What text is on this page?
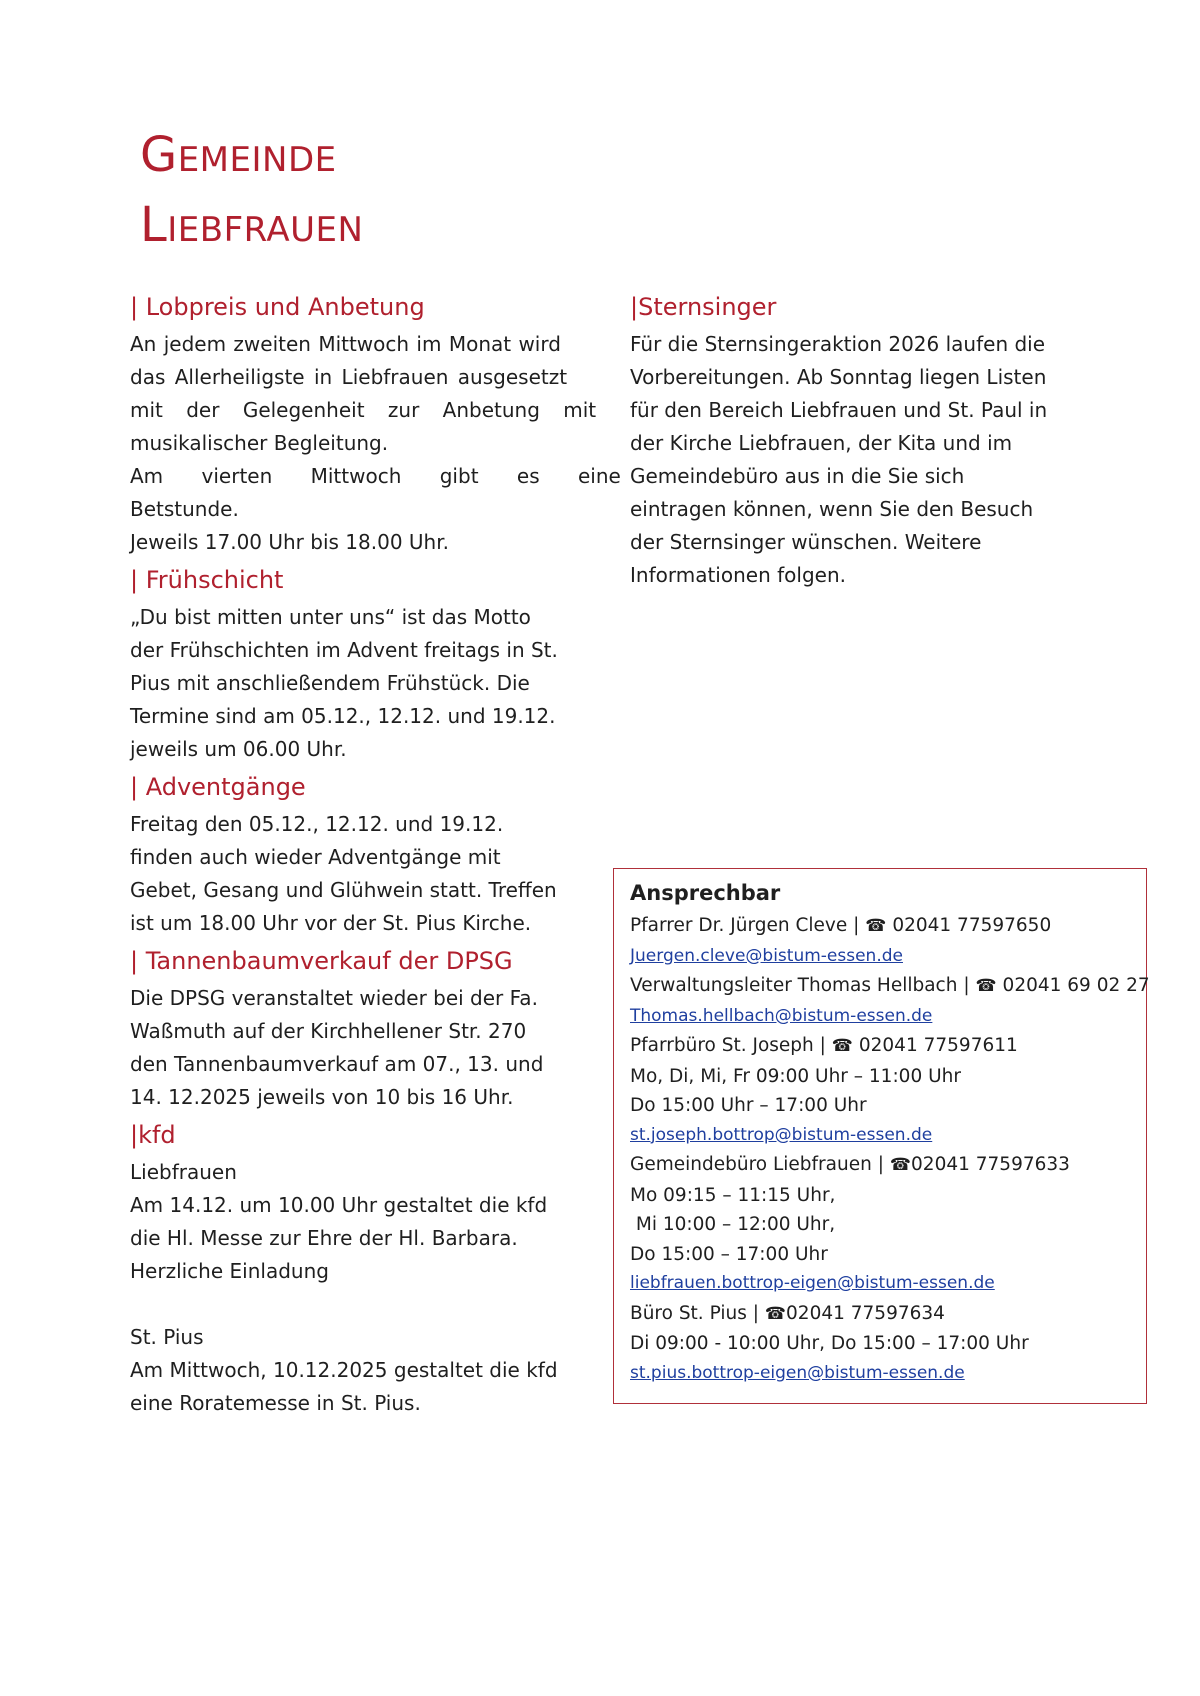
Gemeinde
Liebfrauen
| Lobpreis und Anbetung
An jedem zweiten Mittwoch im Monat wird
das Allerheiligste in Liebfrauen ausgesetzt
mit der Gelegenheit zur Anbetung mit
musikalischer Begleitung.
Am vierten Mittwoch gibt es eine
Betstunde.
Jeweils 17.00 Uhr bis 18.00 Uhr.
| Frühschicht
„Du bist mitten unter uns“ ist das Motto
der Frühschichten im Advent freitags in St.
Pius mit anschließendem Frühstück. Die
Termine sind am 05.12., 12.12. und 19.12.
jeweils um 06.00 Uhr.
| Adventgänge
Freitag den 05.12., 12.12. und 19.12.
finden auch wieder Adventgänge mit
Gebet, Gesang und Glühwein statt. Treffen
ist um 18.00 Uhr vor der St. Pius Kirche.
| Tannenbaumverkauf der DPSG
Die DPSG veranstaltet wieder bei der Fa.
Waßmuth auf der Kirchhellener Str. 270
den Tannenbaumverkauf am 07., 13. und
14. 12.2025 jeweils von 10 bis 16 Uhr.
|kfd
Liebfrauen
Am 14.12. um 10.00 Uhr gestaltet die kfd
die Hl. Messe zur Ehre der Hl. Barbara.
Herzliche Einladung
St. Pius
Am Mittwoch, 10.12.2025 gestaltet die kfd
eine Roratemesse in St. Pius.
|Sternsinger
Für die Sternsingeraktion 2026 laufen die
Vorbereitungen. Ab Sonntag liegen Listen
für den Bereich Liebfrauen und St. Paul in
der Kirche Liebfrauen, der Kita und im
Gemeindebüro aus in die Sie sich
eintragen können, wenn Sie den Besuch
der Sternsinger wünschen. Weitere
Informationen folgen.
Ansprechbar
Pfarrer Dr. Jürgen Cleve | ☎ 02041 77597650
Juergen.cleve@bistum-essen.de
Verwaltungsleiter Thomas Hellbach | ☎ 02041 69 02 27
Thomas.hellbach@bistum-essen.de
Pfarrbüro St. Joseph | ☎ 02041 77597611
Mo, Di, Mi, Fr 09:00 Uhr – 11:00 Uhr
Do 15:00 Uhr – 17:00 Uhr
st.joseph.bottrop@bistum-essen.de
Gemeindebüro Liebfrauen | ☎02041 77597633
Mo 09:15 – 11:15 Uhr,
Mi 10:00 – 12:00 Uhr,
Do 15:00 – 17:00 Uhr
liebfrauen.bottrop-eigen@bistum-essen.de
Büro St. Pius | ☎02041 77597634
Di 09:00 - 10:00 Uhr, Do 15:00 – 17:00 Uhr
st.pius.bottrop-eigen@bistum-essen.de
